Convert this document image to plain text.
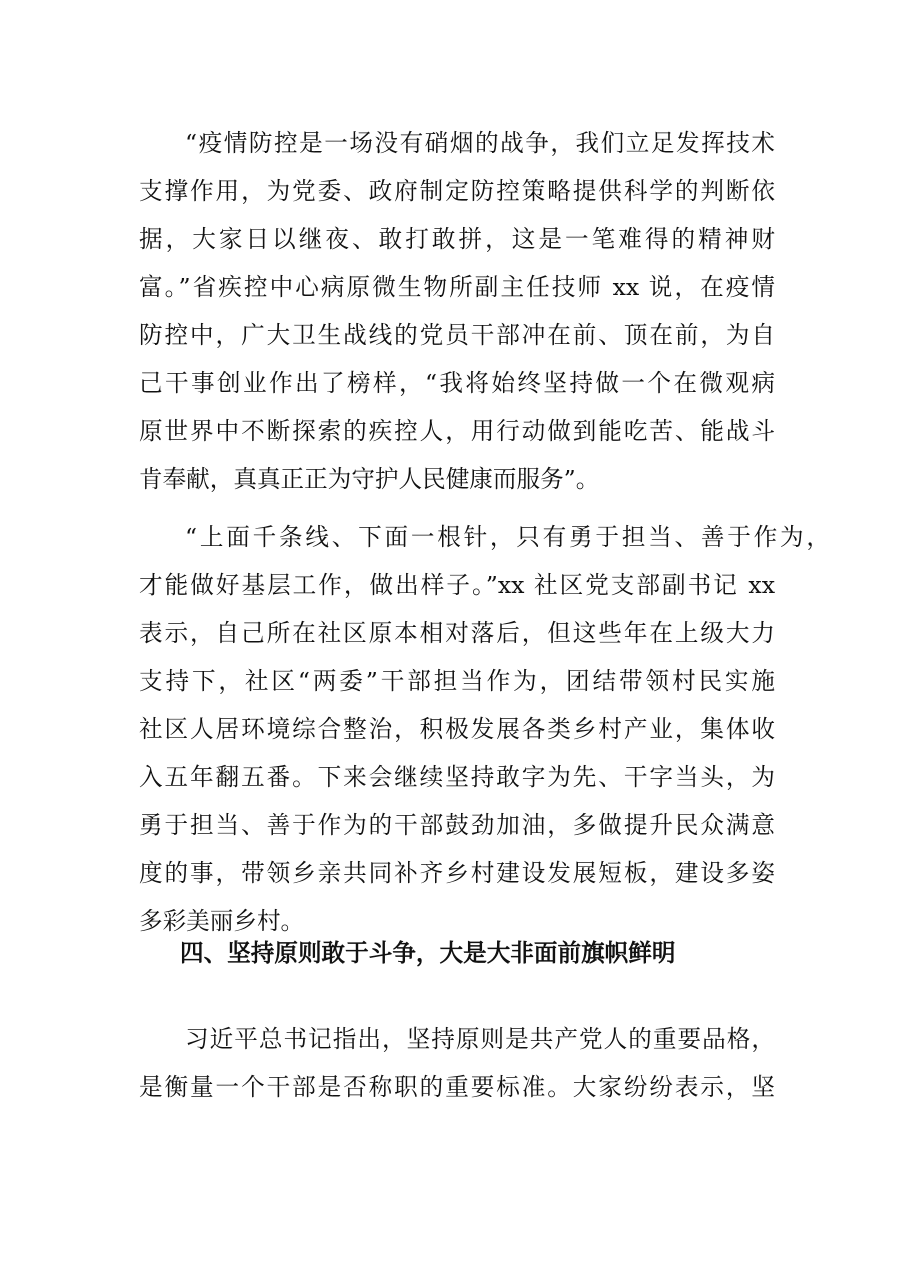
“疫情防控是一场没有硝烟的战争，我们立足发挥技术
支撑作用，为党委、政府制定防控策略提供科学的判断依
据，大家日以继夜、敢打敢拼，这是一笔难得的精神财
富。”省疾控中心病原微生物所副主任技师 xx 说，在疫情
防控中，广大卫生战线的党员干部冲在前、顶在前，为自
己干事创业作出了榜样，“我将始终坚持做一个在微观病
原世界中不断探索的疾控人，用行动做到能吃苦、能战斗
肯奉献，真真正正为守护人民健康而服务”。
“上面千条线、下面一根针，只有勇于担当、善于作为，
才能做好基层工作，做出样子。”xx 社区党支部副书记 xx
表示，自己所在社区原本相对落后，但这些年在上级大力
支持下，社区“两委”干部担当作为，团结带领村民实施
社区人居环境综合整治，积极发展各类乡村产业，集体收
入五年翻五番。下来会继续坚持敢字为先、干字当头，为
勇于担当、善于作为的干部鼓劲加油，多做提升民众满意
度的事，带领乡亲共同补齐乡村建设发展短板，建设多姿
多彩美丽乡村。
四、坚持原则敢于斗争，大是大非面前旗帜鲜明
习近平总书记指出，坚持原则是共产党人的重要品格，
是衡量一个干部是否称职的重要标准。大家纷纷表示，坚
